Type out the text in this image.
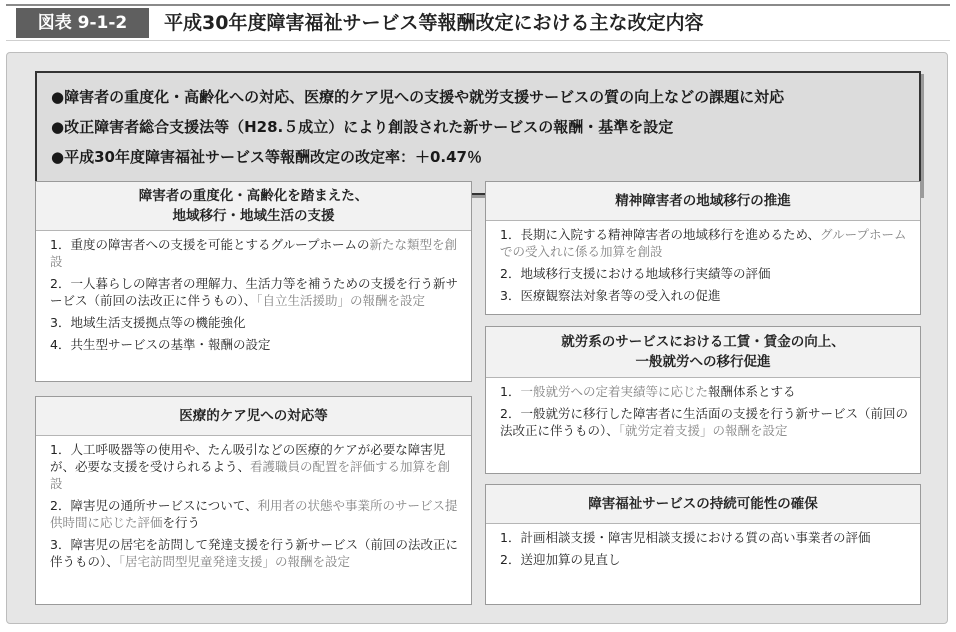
図表 9-1-2	平成30年度障害福祉サービス等報酬改定における主な改定内容

●障害者の重度化・高齢化への対応、医療的ケア児への支援や就労支援サービスの質の向上などの課題に対応

●改正障害者総合支援法等（H28.５成立）により創設された新サービスの報酬・基準を設定

●平成30年度障害福祉サービス等報酬改定の改定率：＋0.47％

障害者の重度化・高齢化を踏まえた、
地域移行・地域生活の支援
1．重度の障害者への支援を可能とするグループホームの新たな類型を創設
2．一人暮らしの障害者の理解力、生活力等を補うための支援を行う新サービス（前回の法改正に伴うもの）、「自立生活援助」の報酬を設定
3．地域生活支援拠点等の機能強化
4．共生型サービスの基準・報酬の設定
医療的ケア児への対応等
1．人工呼吸器等の使用や、たん吸引などの医療的ケアが必要な障害児が、必要な支援を受けられるよう、看護職員の配置を評価する加算を創設
2．障害児の通所サービスについて、利用者の状態や事業所のサービス提供時間に応じた評価を行う
3．障害児の居宅を訪問して発達支援を行う新サービス（前回の法改正に伴うもの）、「居宅訪問型児童発達支援」の報酬を設定
精神障害者の地域移行の推進
1．長期に入院する精神障害者の地域移行を進めるため、グループホームでの受入れに係る加算を創設
2．地域移行支援における地域移行実績等の評価
3．医療観察法対象者等の受入れの促進
就労系のサービスにおける工賃・賃金の向上、
一般就労への移行促進
1．一般就労への定着実績等に応じた報酬体系とする
2．一般就労に移行した障害者に生活面の支援を行う新サービス（前回の法改正に伴うもの）、「就労定着支援」の報酬を設定
障害福祉サービスの持続可能性の確保
1．計画相談支援・障害児相談支援における質の高い事業者の評価
2．送迎加算の見直し
